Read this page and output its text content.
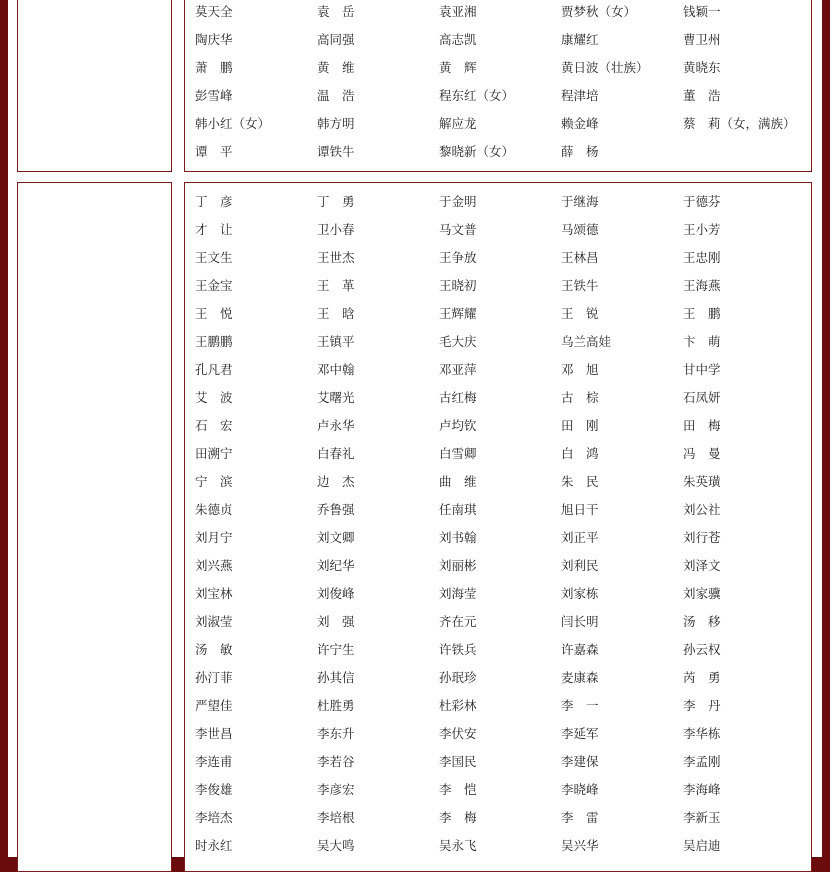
莫天全	袁　岳	袁亚湘	贾梦秋（女）	钱颖一
陶庆华	高同强	高志凯	康耀红	曹卫州
萧　鹏	黄　维	黄　辉	黄日波（壮族）	黄晓东
彭雪峰	温　浩	程东红（女）	程津培	董　浩
韩小红（女）	韩方明	解应龙	赖金峰	蔡　莉（女，满族）
谭　平	谭铁牛	黎晓新（女）	薛　杨
丁　彦	丁　勇	于金明	于继海	于德芬
才　让	卫小春	马文普	马颂德	王小芳
王文生	王世杰	王争放	王林昌	王忠刚
王金宝	王　革	王晓初	王铁牛	王海燕
王　悦	王　晗	王辉耀	王　锐	王　鹏
王鹏鹏	王镇平	毛大庆	乌兰高娃	卞　萌
孔凡君	邓中翰	邓亚萍	邓　旭	甘中学
艾　波	艾曙光	古红梅	古　棕	石凤妍
石　宏	卢永华	卢均钦	田　刚	田　梅
田溯宁	白春礼	白雪卿	白　鸿	冯　曼
宁　滨	边　杰	曲　维	朱　民	朱英璜
朱德贞	乔鲁强	任南琪	旭日干	刘公社
刘月宁	刘文卿	刘书翰	刘正平	刘行苍
刘兴燕	刘纪华	刘丽彬	刘利民	刘泽文
刘宝林	刘俊峰	刘海莹	刘家栋	刘家骥
刘淑莹	刘　强	齐在元	闫长明	汤　移
汤　敏	许宁生	许铁兵	许嘉森	孙云权
孙汀菲	孙其信	孙珉珍	麦康森	芮　勇
严望佳	杜胜勇	杜彩林	李　一	李　丹
李世昌	李东升	李伏安	李延军	李华栋
李连甫	李若谷	李国民	李建保	李孟刚
李俊雄	李彦宏	李　恺	李晓峰	李海峰
李培杰	李培根	李　梅	李　雷	李新玉
时永红	吴大鸣	吴永飞	吴兴华	吴启迪
